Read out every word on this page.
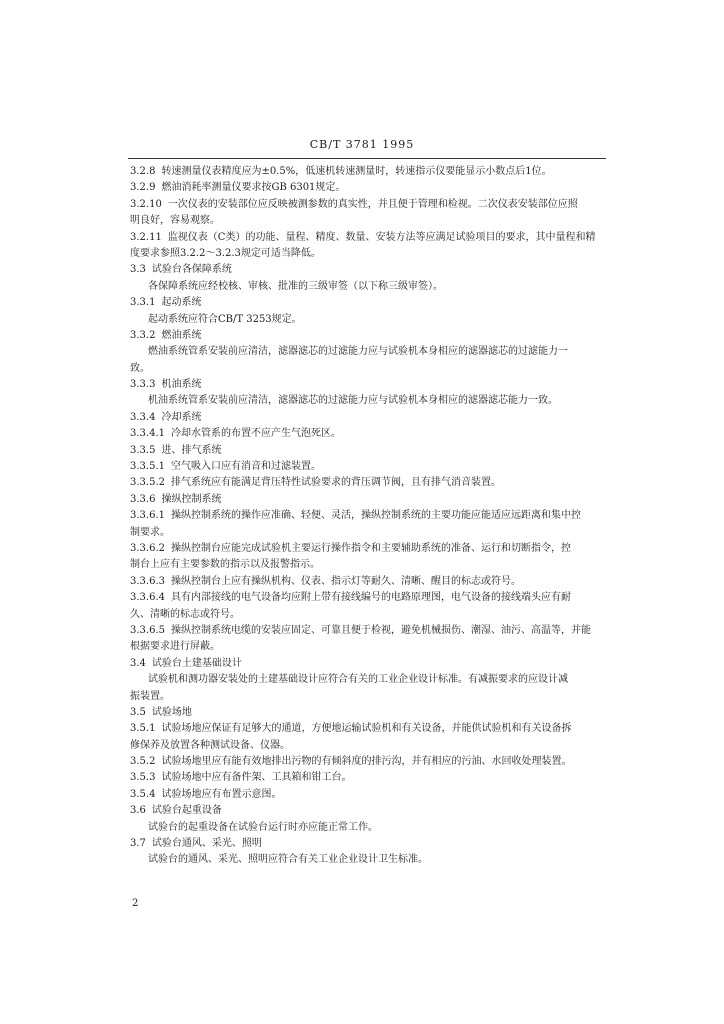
CB/T 3781 1995
3.2.8 转速测量仪表精度应为±0.5%，低速机转速测量时，转速指示仪要能显示小数点后1位。
3.2.9 燃油消耗率测量仪要求按GB 6301规定。
3.2.10 一次仪表的安装部位应反映被测参数的真实性，并且便于管理和检视。二次仪表安装部位应照
明良好，容易观察。
3.2.11 监视仪表（C类）的功能、量程、精度、数量、安装方法等应满足试验项目的要求，其中量程和精
度要求参照3.2.2～3.2.3规定可适当降低。
3.3 试验台各保障系统
各保障系统应经校核、审核、批准的三级审签（以下称三级审签）。
3.3.1 起动系统
起动系统应符合CB/T 3253规定。
3.3.2 燃油系统
燃油系统管系安装前应清洁，滤器滤芯的过滤能力应与试验机本身相应的滤器滤芯的过滤能力一
致。
3.3.3 机油系统
机油系统管系安装前应清洁，滤器滤芯的过滤能力应与试验机本身相应的滤器滤芯能力一致。
3.3.4 冷却系统
3.3.4.1 冷却水管系的布置不应产生气泡死区。
3.3.5 进、排气系统
3.3.5.1 空气吸入口应有消音和过滤装置。
3.3.5.2 排气系统应有能满足背压特性试验要求的背压调节阀，且有排气消音装置。
3.3.6 操纵控制系统
3.3.6.1 操纵控制系统的操作应准确、轻便、灵活，操纵控制系统的主要功能应能适应远距离和集中控
制要求。
3.3.6.2 操纵控制台应能完成试验机主要运行操作指令和主要辅助系统的准备、运行和切断指令，控
制台上应有主要参数的指示以及报警指示。
3.3.6.3 操纵控制台上应有操纵机构、仪表、指示灯等耐久、清晰、醒目的标志或符号。
3.3.6.4 具有内部接线的电气设备均应附上带有接线编号的电路原理图，电气设备的接线端头应有耐
久、清晰的标志或符号。
3.3.6.5 操纵控制系统电缆的安装应固定、可靠且便于检视，避免机械损伤、潮湿、油污、高温等，并能
根据要求进行屏蔽。
3.4 试验台土建基础设计
试验机和测功器安装处的土建基础设计应符合有关的工业企业设计标准。有减振要求的应设计减
振装置。
3.5 试验场地
3.5.1 试验场地应保证有足够大的通道，方便地运输试验机和有关设备，并能供试验机和有关设备拆
修保养及放置各种测试设备、仪器。
3.5.2 试验场地里应有能有效地排出污物的有倾斜度的排污沟，并有相应的污油、水回收处理装置。
3.5.3 试验场地中应有备件架、工具箱和钳工台。
3.5.4 试验场地应有布置示意图。
3.6 试验台起重设备
试验台的起重设备在试验台运行时亦应能正常工作。
3.7 试验台通风、采光、照明
试验台的通风、采光、照明应符合有关工业企业设计卫生标准。
2
